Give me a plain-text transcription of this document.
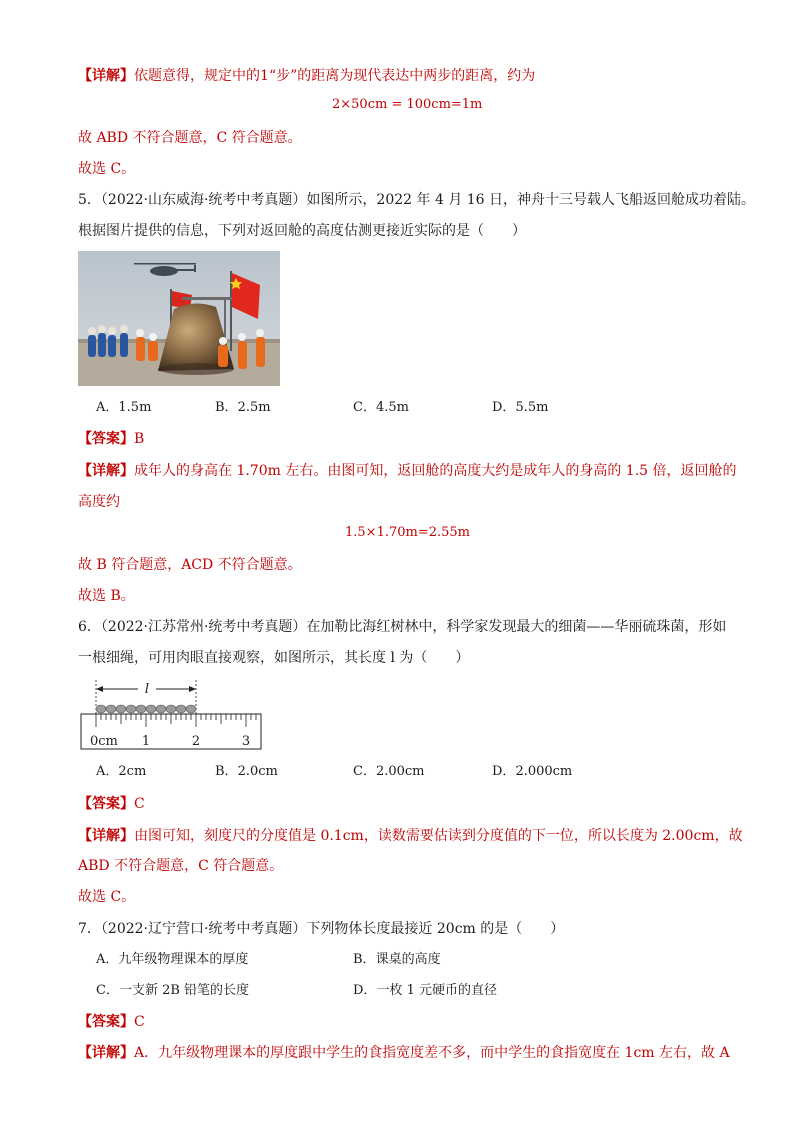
【详解】依题意得，规定中的1“步”的距离为现代表达中两步的距离，约为
2×50cm = 100cm=1m
故 ABD 不符合题意，C 符合题意。
故选 C。
5．（2022·山东威海·统考中考真题）如图所示，2022 年 4 月 16 日，神舟十三号载人飞船返回舱成功着陆。
根据图片提供的信息，下列对返回舱的高度估测更接近实际的是（　　）
A．1.5m	B．2.5m	C．4.5m	D．5.5m
【答案】B
【详解】成年人的身高在 1.70m 左右。由图可知，返回舱的高度大约是成年人的身高的 1.5 倍，返回舱的
高度约
1.5×1.70m=2.55m
故 B 符合题意，ACD 不符合题意。
故选 B。
6．（2022·江苏常州·统考中考真题）在加勒比海红树林中，科学家发现最大的细菌——华丽硫珠菌，形如
一根细绳，可用肉眼直接观察，如图所示，其长度 l 为（　　）
l
0cm 1	2	3
A．2cm	B．2.0cm	C．2.00cm	D．2.000cm
【答案】C
【详解】由图可知，刻度尺的分度值是 0.1cm，读数需要估读到分度值的下一位，所以长度为 2.00cm，故
ABD 不符合题意，C 符合题意。
故选 C。
7．（2022·辽宁营口·统考中考真题）下列物体长度最接近 20cm 的是（　　）
A．九年级物理课本的厚度	B．课桌的高度
C．一支新 2B 铅笔的长度	D．一枚 1 元硬币的直径
【答案】C
【详解】A．九年级物理课本的厚度跟中学生的食指宽度差不多，而中学生的食指宽度在 1cm 左右，故 A
